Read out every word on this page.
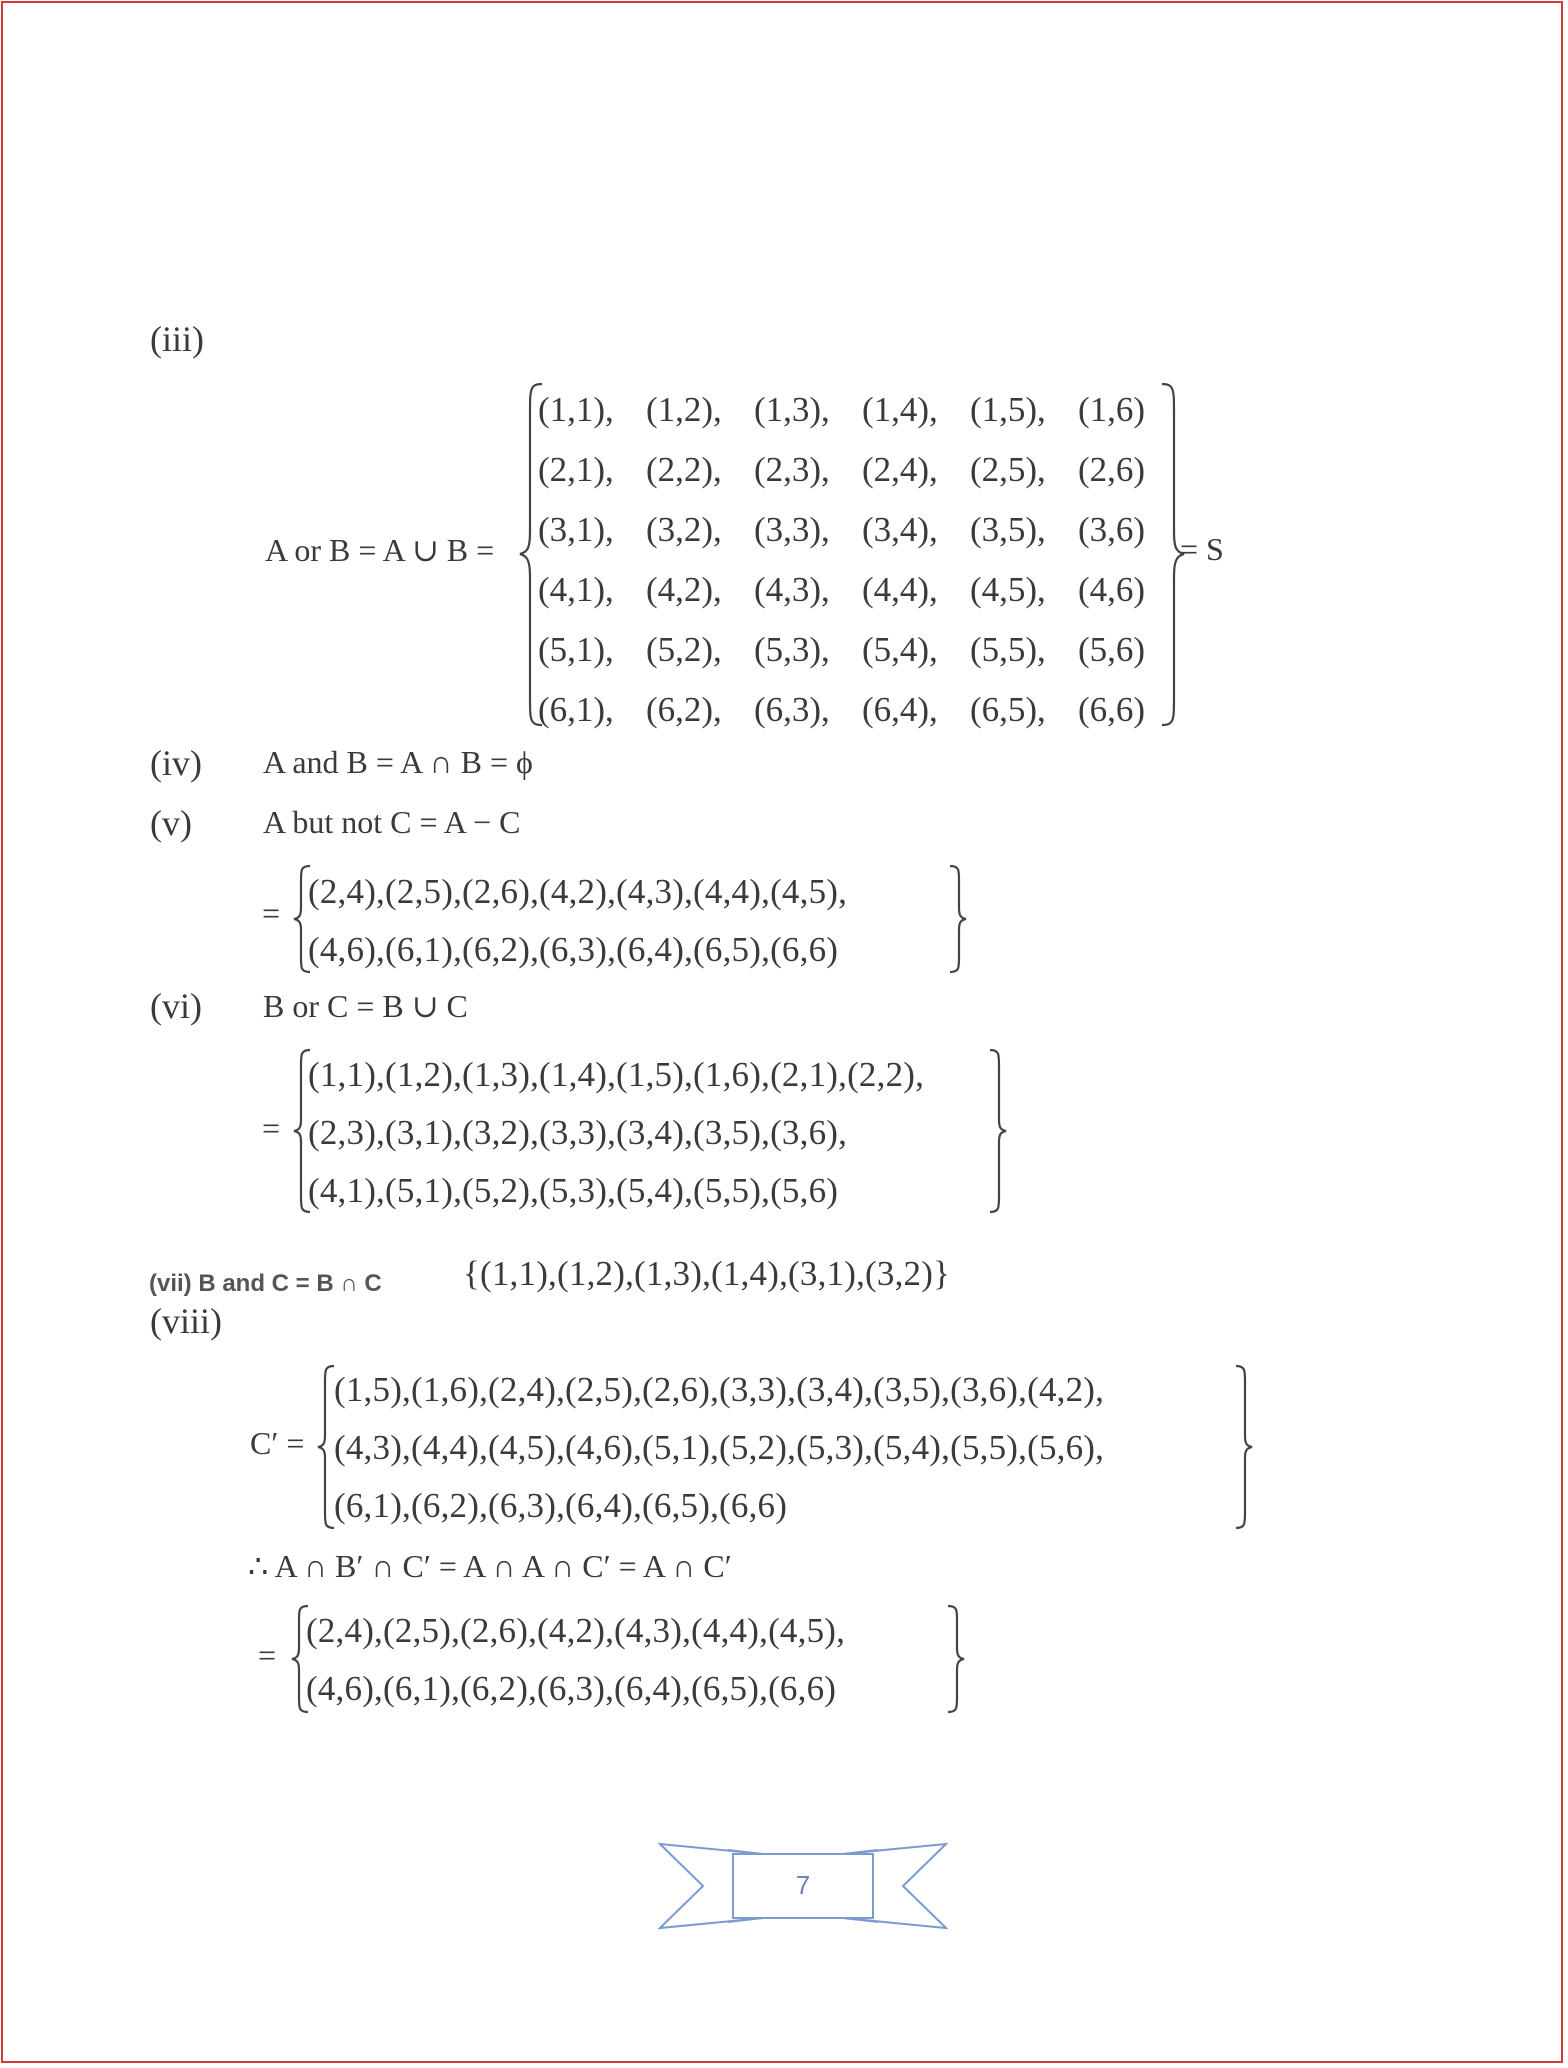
(iii)
A or B = A ∪ B =
(1,1), (1,2), (1,3), (1,4), (1,5), (1,6)
(2,1), (2,2), (2,3), (2,4), (2,5), (2,6)
(3,1), (3,2), (3,3), (3,4), (3,5), (3,6)
(4,1), (4,2), (4,3), (4,4), (4,5), (4,6)
(5,1), (5,2), (5,3), (5,4), (5,5), (5,6)
(6,1), (6,2), (6,3), (6,4), (6,5), (6,6)
= S
(iv) A and B = A ∩ B = ϕ
(v) A but not C = A − C
=
(2,4),(2,5),(2,6),(4,2),(4,3),(4,4),(4,5),
(4,6),(6,1),(6,2),(6,3),(6,4),(6,5),(6,6)
(vi) B or C = B ∪ C
=
(1,1),(1,2),(1,3),(1,4),(1,5),(1,6),(2,1),(2,2),
(2,3),(3,1),(3,2),(3,3),(3,4),(3,5),(3,6),
(4,1),(5,1),(5,2),(5,3),(5,4),(5,5),(5,6)
(vii) B and C = B ∩ C {(1,1),(1,2),(1,3),(1,4),(3,1),(3,2)}
(viii)
C′ =
(1,5),(1,6),(2,4),(2,5),(2,6),(3,3),(3,4),(3,5),(3,6),(4,2),
(4,3),(4,4),(4,5),(4,6),(5,1),(5,2),(5,3),(5,4),(5,5),(5,6),
(6,1),(6,2),(6,3),(6,4),(6,5),(6,6)
∴ A ∩ B′ ∩ C′ = A ∩ A ∩ C′ = A ∩ C′
=
(2,4),(2,5),(2,6),(4,2),(4,3),(4,4),(4,5),
(4,6),(6,1),(6,2),(6,3),(6,4),(6,5),(6,6)
7
